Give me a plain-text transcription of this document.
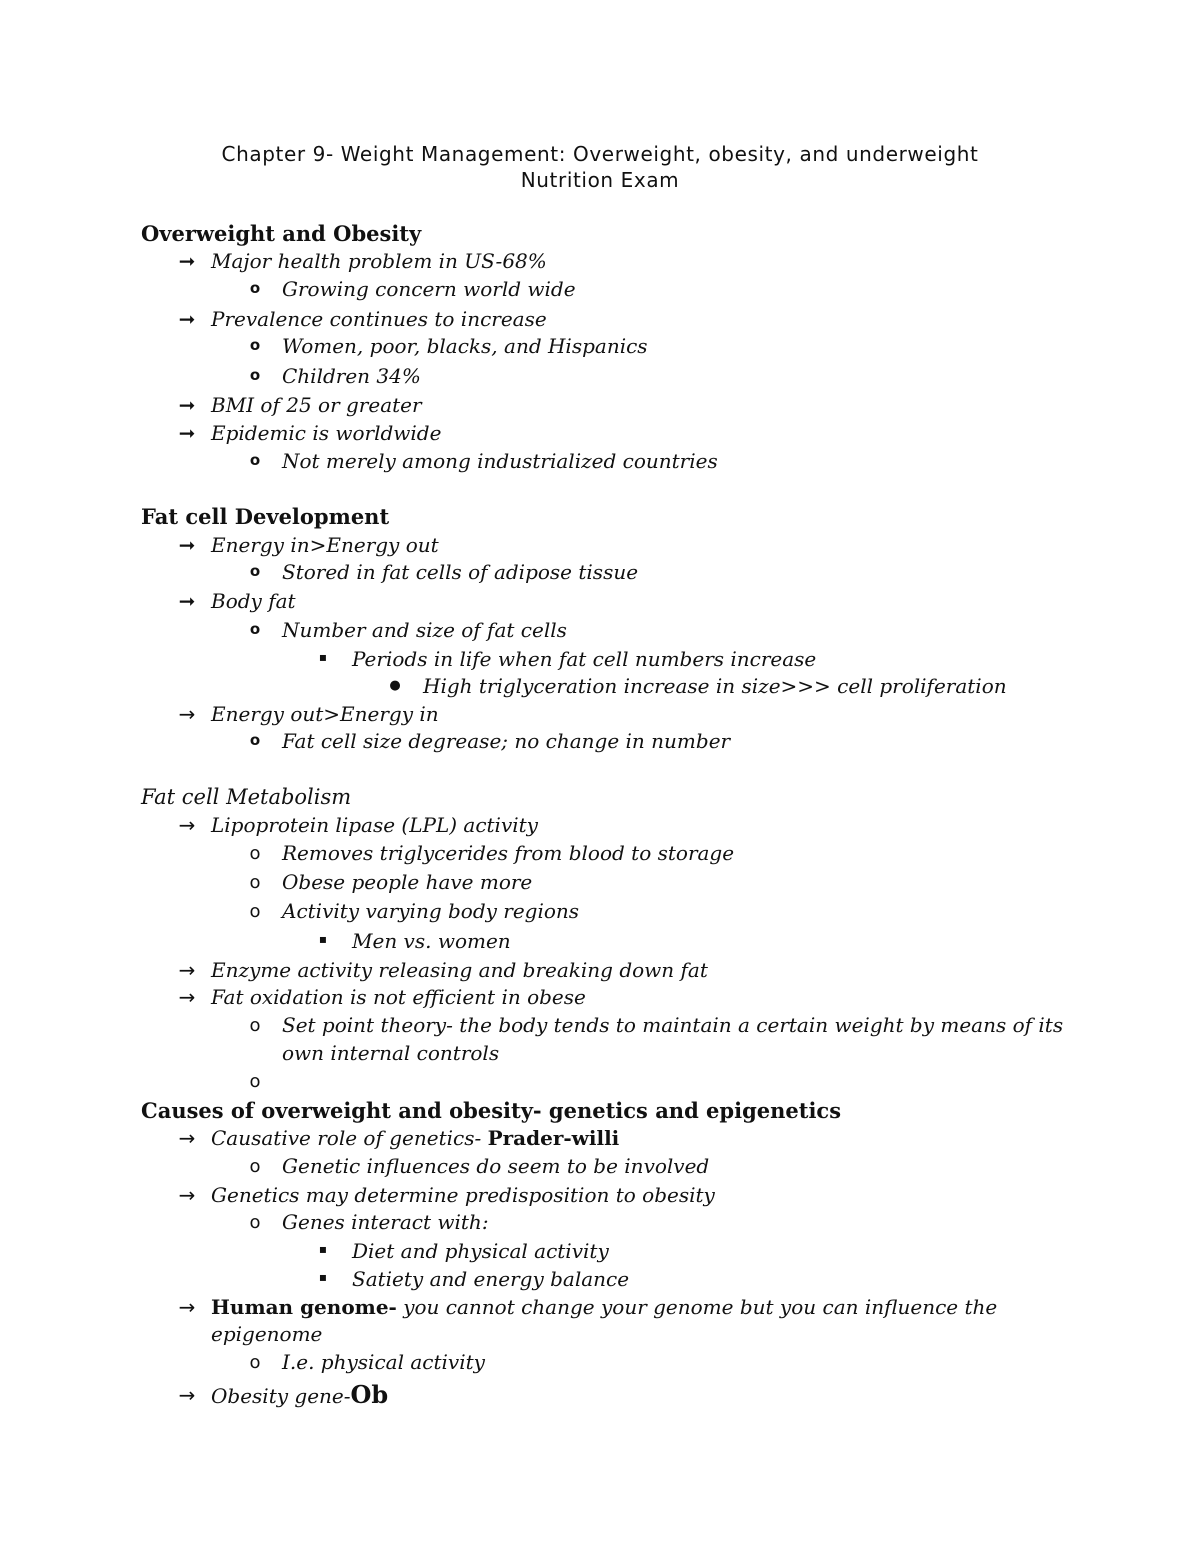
Chapter 9- Weight Management: Overweight, obesity, and underweight
Nutrition Exam
Overweight and Obesity
➞ Major health problem in US-68%
o	Growing concern world wide
➞ Prevalence continues to increase
o	Women, poor, blacks, and Hispanics
o	Children 34%
➞ BMI of 25 or greater
➞ Epidemic is worldwide
o	Not merely among industrialized countries
Fat cell Development
➞ Energy in>Energy out
o	Stored in fat cells of adipose tissue
➞ Body fat
o	Number and size of fat cells
▪	Periods in life when fat cell numbers increase
●	High triglyceration increase in size>>> cell proliferation
→ Energy out>Energy in
o	Fat cell size degrease; no change in number
Fat cell Metabolism
→ Lipoprotein lipase (LPL) activity
o	Removes triglycerides from blood to storage
o	Obese people have more
o	Activity varying body regions
▪	Men vs. women
→ Enzyme activity releasing and breaking down fat
→ Fat oxidation is not efficient in obese
o	Set point theory- the body tends to maintain a certain weight by means of its
own internal controls
o
Causes of overweight and obesity- genetics and epigenetics
→ Causative role of genetics- Prader-willi
o	Genetic influences do seem to be involved
→ Genetics may determine predisposition to obesity
o	Genes interact with:
▪	Diet and physical activity
▪	Satiety and energy balance
→ Human genome- you cannot change your genome but you can influence the
epigenome
o	I.e. physical activity
→ Obesity gene-Ob
